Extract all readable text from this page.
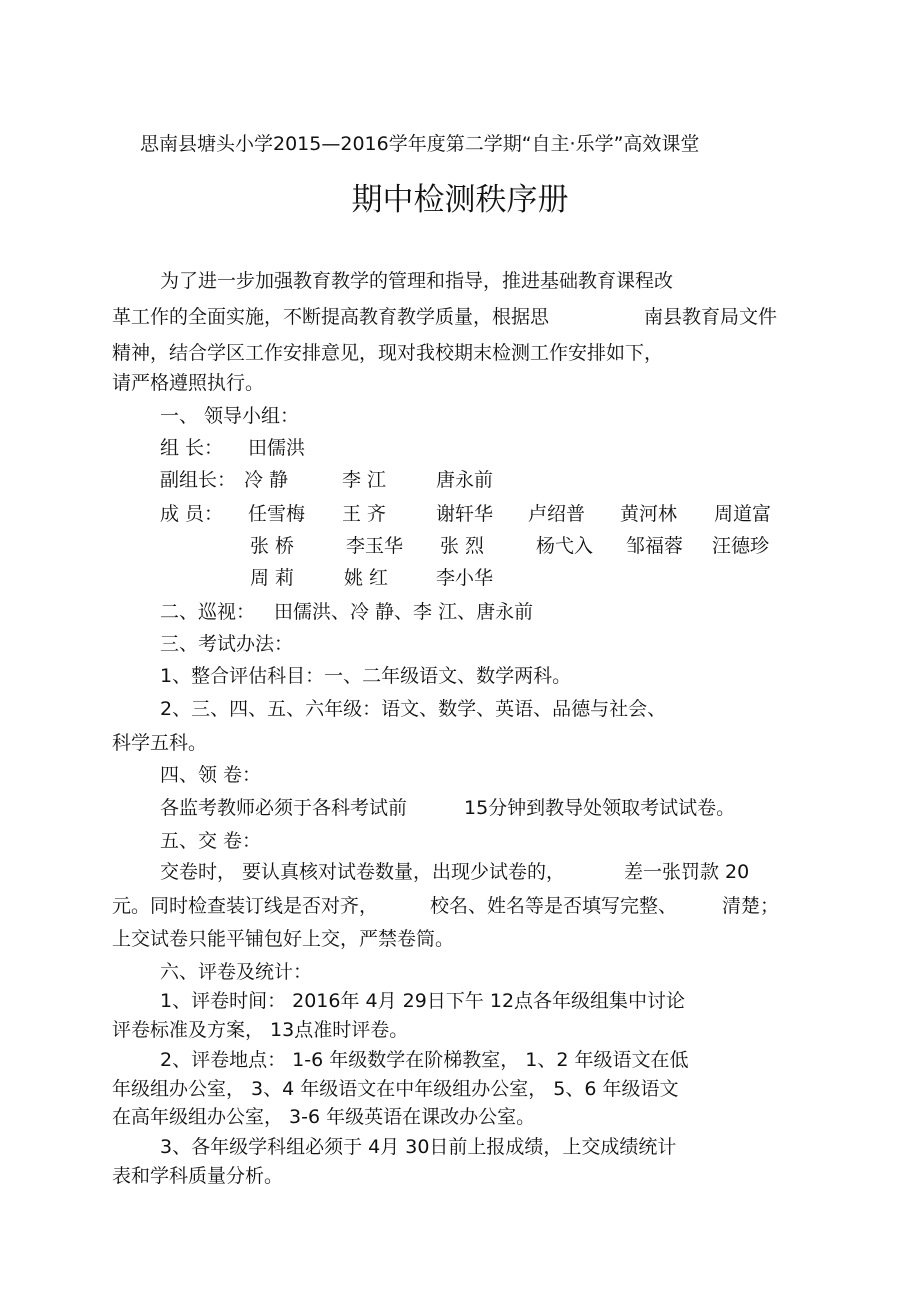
思南县塘头小学2015—2016学年度第二学期“自主·乐学”高效课堂
期中检测秩序册
为了进一步加强教育教学的管理和指导，推进基础教育课程改
革工作的全面实施，不断提高教育教学质量，根据思	南县教育局文件
精神，结合学区工作安排意见，现对我校期末检测工作安排如下，
请严格遵照执行。
一、 领导小组：
组 长： 田儒洪
副组长： 冷 静	李 江	唐永前
成 员： 任雪梅 王 齐	谢轩华 卢绍普 黄河林 周道富
张 桥	李玉华 张 烈	杨弋入 邹福蓉 汪德珍
周 莉	姚 红	李小华
二、巡视： 田儒洪、冷 静、李 江、唐永前
三、考试办法：
1、整合评估科目：一、二年级语文、数学两科。
2、三、四、五、六年级：语文、数学、英语、品德与社会、
科学五科。
四、领 卷：
各监考教师必须于各科考试前	15分钟到教导处领取考试试卷。
五、交 卷：
交卷时， 要认真核对试卷数量，出现少试卷的，	差一张罚款 20
元。同时检查装订线是否对齐，	校名、姓名等是否填写完整、 清楚；
上交试卷只能平铺包好上交，严禁卷筒。
六、评卷及统计：
1、评卷时间： 2016年 4月 29日下午 12点各年级组集中讨论
评卷标准及方案， 13点准时评卷。
2、评卷地点： 1-6 年级数学在阶梯教室， 1、2 年级语文在低
年级组办公室， 3、4 年级语文在中年级组办公室， 5、6 年级语文
在高年级组办公室， 3-6 年级英语在课改办公室。
3、各年级学科组必须于 4月 30日前上报成绩，上交成绩统计
表和学科质量分析。
